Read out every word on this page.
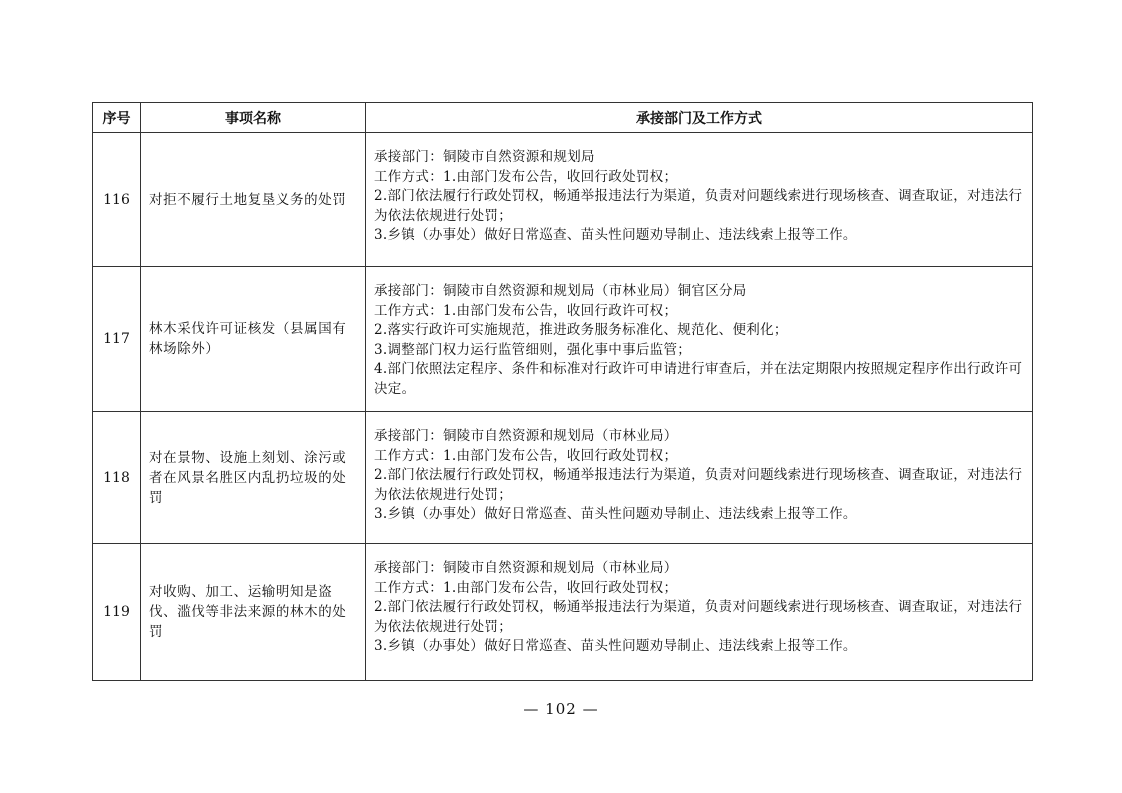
序号	事项名称	承接部门及工作方式
116	对拒不履行土地复垦义务的处罚	承接部门：铜陵市自然资源和规划局
工作方式：1.由部门发布公告，收回行政处罚权；
2.部门依法履行行政处罚权，畅通举报违法行为渠道，负责对问题线索进行现场核查、调查取证，对违法行为依法依规进行处罚；
3.乡镇（办事处）做好日常巡查、苗头性问题劝导制止、违法线索上报等工作。

117	林木采伐许可证核发（县属国有林场除外）	承接部门：铜陵市自然资源和规划局（市林业局）铜官区分局
工作方式：1.由部门发布公告，收回行政许可权；
2.落实行政许可实施规范，推进政务服务标准化、规范化、便利化；
3.调整部门权力运行监管细则，强化事中事后监管；
4.部门依照法定程序、条件和标准对行政许可申请进行审查后，并在法定期限内按照规定程序作出行政许可决定。

118	对在景物、设施上刻划、涂污或者在风景名胜区内乱扔垃圾的处罚	承接部门：铜陵市自然资源和规划局（市林业局）
工作方式：1.由部门发布公告，收回行政处罚权；
2.部门依法履行行政处罚权，畅通举报违法行为渠道，负责对问题线索进行现场核查、调查取证，对违法行为依法依规进行处罚；
3.乡镇（办事处）做好日常巡查、苗头性问题劝导制止、违法线索上报等工作。

119	对收购、加工、运输明知是盗伐、滥伐等非法来源的林木的处罚	承接部门：铜陵市自然资源和规划局（市林业局）
工作方式：1.由部门发布公告，收回行政处罚权；
2.部门依法履行行政处罚权，畅通举报违法行为渠道，负责对问题线索进行现场核查、调查取证，对违法行为依法依规进行处罚；
3.乡镇（办事处）做好日常巡查、苗头性问题劝导制止、违法线索上报等工作。
— 102 —
